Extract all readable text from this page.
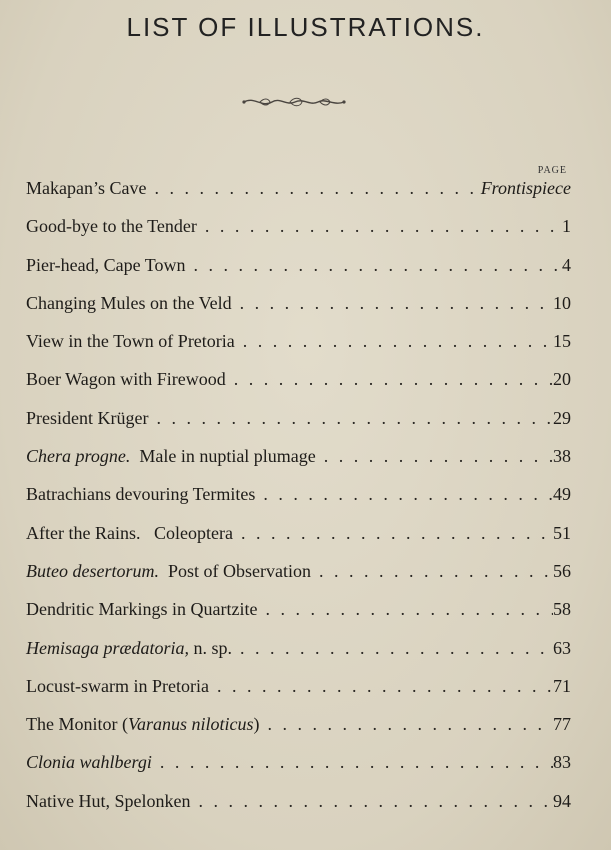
LIST OF ILLUSTRATIONS.
PAGE
Makapan’s Cave . . .	Frontispiece
Good-bye to the Tender . . .	1
Pier-head, Cape Town . . .	4
Changing Mules on the Veld . . .	10
View in the Town of Pretoria . . .	15
Boer Wagon with Firewood . . .	20
President Krüger . . .	29
Chera progne.  Male in nuptial plumage . . .	38
Batrachians devouring Termites . . .	49
After the Rains.   Coleoptera . . .	51
Buteo desertorum.  Post of Observation . . .	56
Dendritic Markings in Quartzite . . .	58
Hemisaga prædatoria, n. sp. . . .	63
Locust-swarm in Pretoria . . .	71
The Monitor (Varanus niloticus) . . .	77
Clonia wahlbergi . . .	83
Native Hut, Spelonken . . .	94
